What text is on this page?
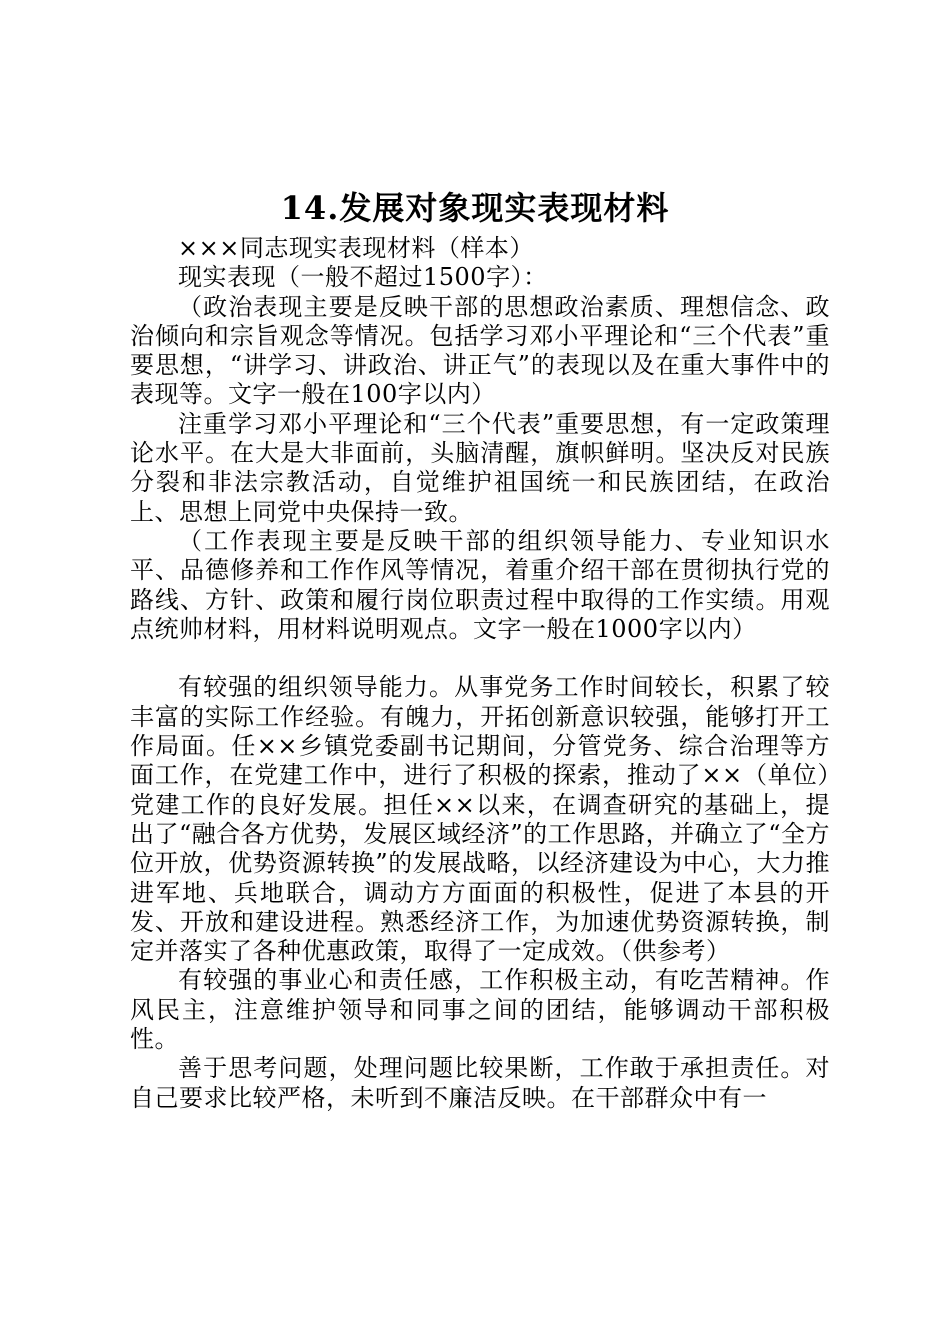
14.发展对象现实表现材料

×××同志现实表现材料（样本）

现实表现（一般不超过1500字）：

（政治表现主要是反映干部的思想政治素质、理想信念、政治倾向和宗旨观念等情况。包括学习邓小平理论和“三个代表”重要思想，“讲学习、讲政治、讲正气”的表现以及在重大事件中的表现等。文字一般在100字以内）

注重学习邓小平理论和“三个代表”重要思想，有一定政策理论水平。在大是大非面前，头脑清醒，旗帜鲜明。坚决反对民族分裂和非法宗教活动，自觉维护祖国统一和民族团结，在政治上、思想上同党中央保持一致。

（工作表现主要是反映干部的组织领导能力、专业知识水平、品德修养和工作作风等情况，着重介绍干部在贯彻执行党的路线、方针、政策和履行岗位职责过程中取得的工作实绩。用观点统帅材料，用材料说明观点。文字一般在1000字以内）

有较强的组织领导能力。从事党务工作时间较长，积累了较丰富的实际工作经验。有魄力，开拓创新意识较强，能够打开工作局面。任××乡镇党委副书记期间，分管党务、综合治理等方面工作，在党建工作中，进行了积极的探索，推动了××（单位）党建工作的良好发展。担任××以来，在调查研究的基础上，提出了“融合各方优势，发展区域经济”的工作思路，并确立了“全方位开放，优势资源转换”的发展战略，以经济建设为中心，大力推进军地、兵地联合，调动方方面面的积极性，促进了本县的开发、开放和建设进程。熟悉经济工作，为加速优势资源转换，制定并落实了各种优惠政策，取得了一定成效。（供参考）

有较强的事业心和责任感，工作积极主动，有吃苦精神。作风民主，注意维护领导和同事之间的团结，能够调动干部积极性。

善于思考问题，处理问题比较果断，工作敢于承担责任。对自己要求比较严格，未听到不廉洁反映。在干部群众中有一
